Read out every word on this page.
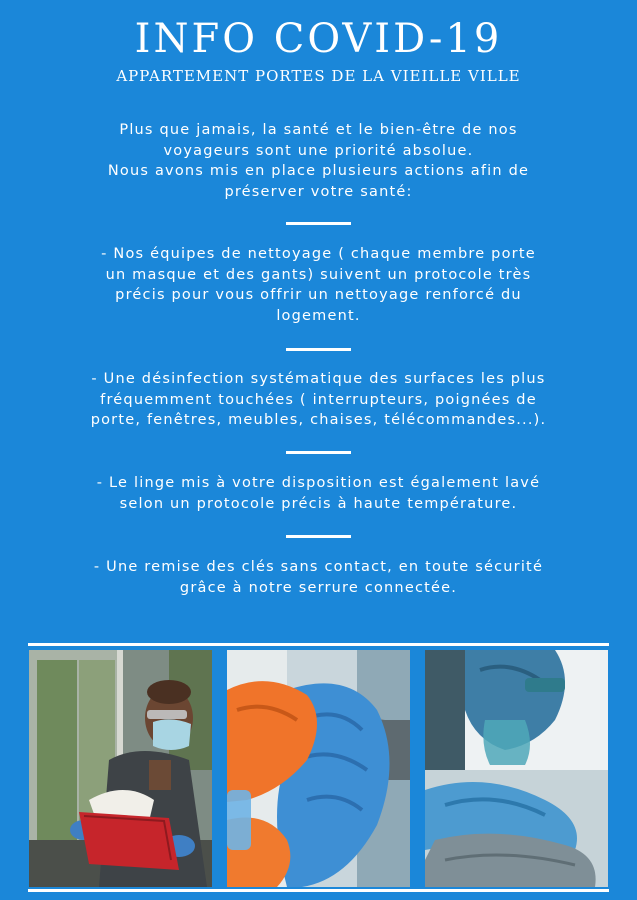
INFO COVID-19
APPARTEMENT PORTES DE LA VIEILLE VILLE
Plus que jamais, la santé et le bien-être de nos
voyageurs sont une priorité absolue.
Nous avons mis en place plusieurs actions afin de
préserver votre santé:
- Nos équipes de nettoyage ( chaque membre porte
un masque et des gants) suivent un protocole très
précis pour vous offrir un nettoyage renforcé du
logement.
- Une désinfection systématique des surfaces les plus
fréquemment touchées ( interrupteurs, poignées de
porte, fenêtres, meubles, chaises, télécommandes...).
- Le linge mis à votre disposition est également lavé
selon un protocole précis à haute température.
- Une remise des clés sans contact, en toute sécurité
grâce à notre serrure connectée.
